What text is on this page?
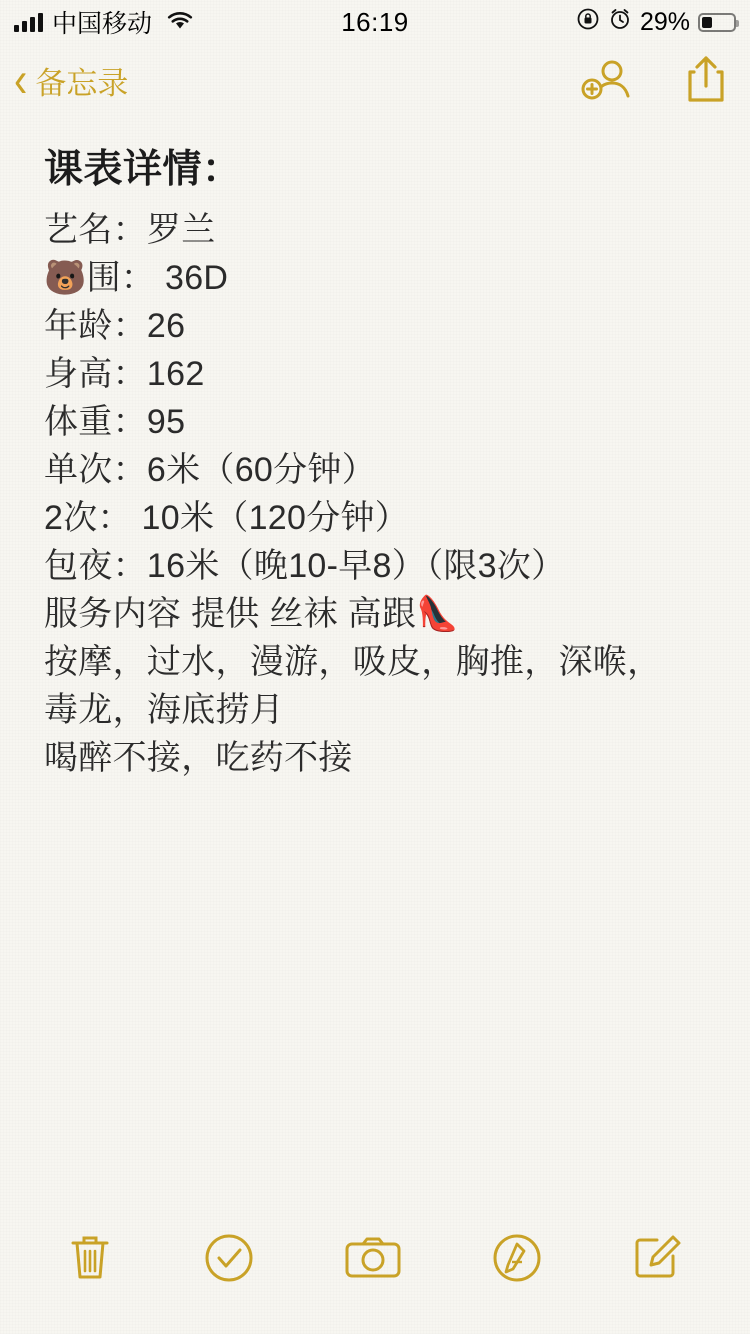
中国移动	16:19	29%
‹ 备忘录
课表详情：
艺名：罗兰
🐻围： 36D
年龄：26
身高：162
体重：95
单次：6米（60分钟）
2次： 10米（120分钟）
包夜：16米（晚10-早8）（限3次）
服务内容 提供 丝袜 高跟👠
按摩，过水，漫游，吸皮，胸推，深喉，
毒龙，海底捞月
喝醉不接，吃药不接
